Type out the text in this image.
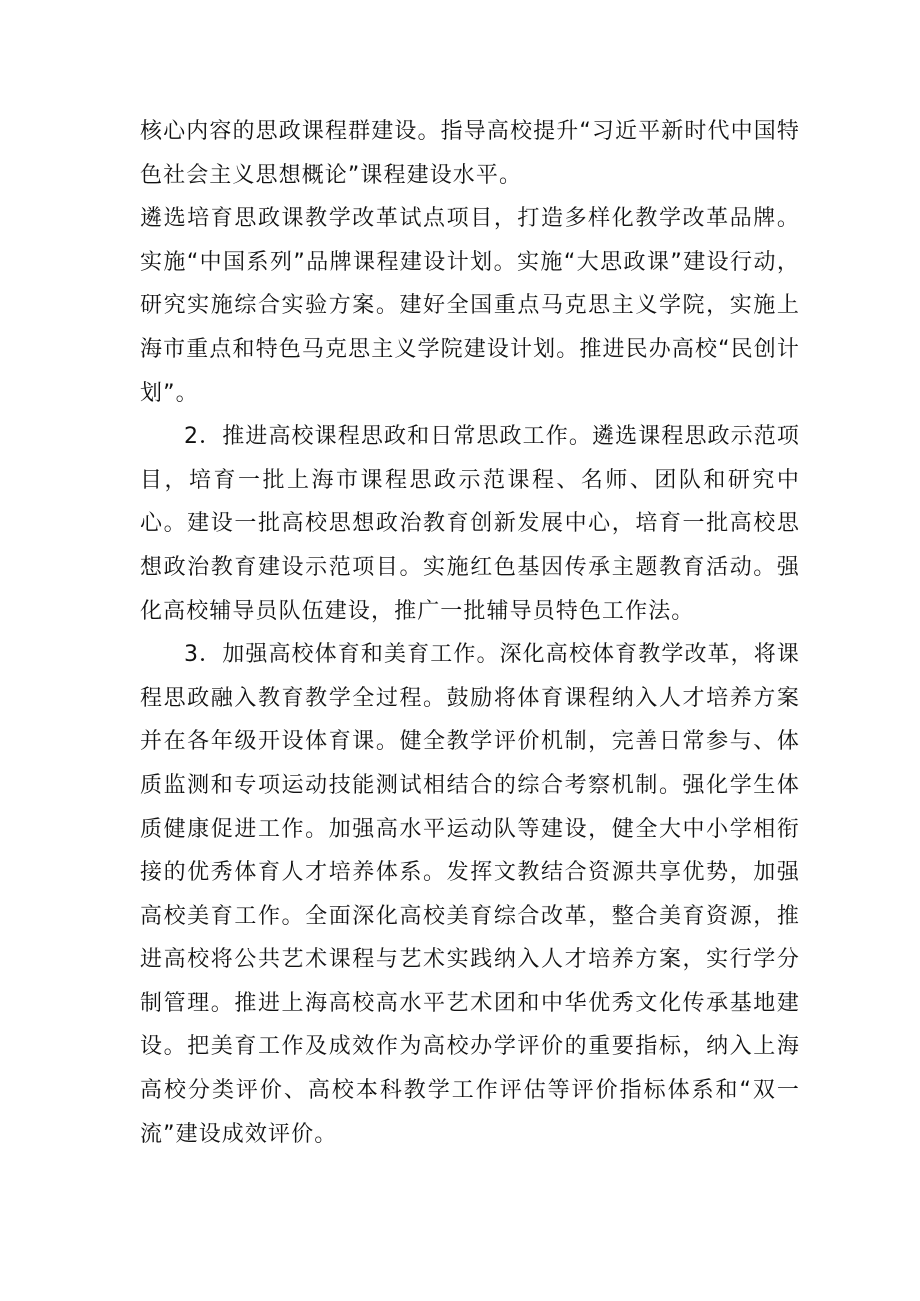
核心内容的思政课程群建设。指导高校提升“习近平新时代中国特色社会主义思想概论”课程建设水平。

遴选培育思政课教学改革试点项目，打造多样化教学改革品牌。实施“中国系列”品牌课程建设计划。实施“大思政课”建设行动，研究实施综合实验方案。建好全国重点马克思主义学院，实施上海市重点和特色马克思主义学院建设计划。推进民办高校“民创计划”。

2．推进高校课程思政和日常思政工作。遴选课程思政示范项目，培育一批上海市课程思政示范课程、名师、团队和研究中心。建设一批高校思想政治教育创新发展中心，培育一批高校思想政治教育建设示范项目。实施红色基因传承主题教育活动。强化高校辅导员队伍建设，推广一批辅导员特色工作法。

3．加强高校体育和美育工作。深化高校体育教学改革，将课程思政融入教育教学全过程。鼓励将体育课程纳入人才培养方案并在各年级开设体育课。健全教学评价机制，完善日常参与、体质监测和专项运动技能测试相结合的综合考察机制。强化学生体质健康促进工作。加强高水平运动队等建设，健全大中小学相衔接的优秀体育人才培养体系。发挥文教结合资源共享优势，加强高校美育工作。全面深化高校美育综合改革，整合美育资源，推进高校将公共艺术课程与艺术实践纳入人才培养方案，实行学分制管理。推进上海高校高水平艺术团和中华优秀文化传承基地建设。把美育工作及成效作为高校办学评价的重要指标，纳入上海高校分类评价、高校本科教学工作评估等评价指标体系和“双一流”建设成效评价。
